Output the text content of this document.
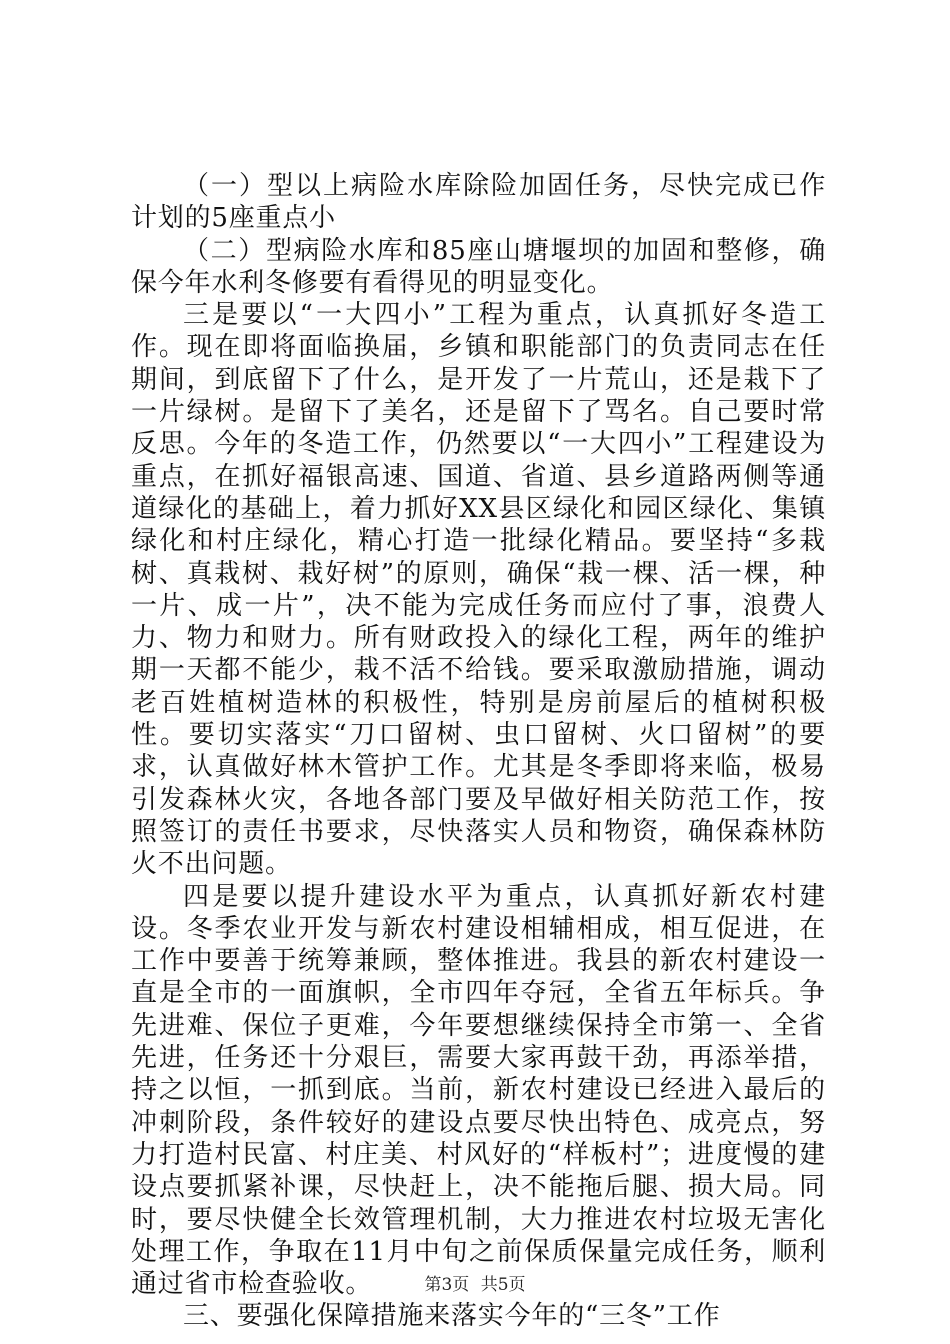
（一）型以上病险水库除险加固任务，尽快完成已作计划的5座重点小

（二）型病险水库和85座山塘堰坝的加固和整修，确保今年水利冬修要有看得见的明显变化。

三是要以“一大四小”工程为重点，认真抓好冬造工作。现在即将面临换届，乡镇和职能部门的负责同志在任期间，到底留下了什么，是开发了一片荒山，还是栽下了一片绿树。是留下了美名，还是留下了骂名。自己要时常反思。今年的冬造工作，仍然要以“一大四小”工程建设为重点，在抓好福银高速、国道、省道、县乡道路两侧等通道绿化的基础上，着力抓好XX县区绿化和园区绿化、集镇绿化和村庄绿化，精心打造一批绿化精品。要坚持“多栽树、真栽树、栽好树”的原则，确保“栽一棵、活一棵，种一片、成一片”，决不能为完成任务而应付了事，浪费人力、物力和财力。所有财政投入的绿化工程，两年的维护期一天都不能少，栽不活不给钱。要采取激励措施，调动老百姓植树造林的积极性，特别是房前屋后的植树积极性。要切实落实“刀口留树、虫口留树、火口留树”的要求，认真做好林木管护工作。尤其是冬季即将来临，极易引发森林火灾，各地各部门要及早做好相关防范工作，按照签订的责任书要求，尽快落实人员和物资，确保森林防火不出问题。

四是要以提升建设水平为重点，认真抓好新农村建设。冬季农业开发与新农村建设相辅相成，相互促进，在工作中要善于统筹兼顾，整体推进。我县的新农村建设一直是全市的一面旗帜，全市四年夺冠，全省五年标兵。争先进难、保位子更难，今年要想继续保持全市第一、全省先进，任务还十分艰巨，需要大家再鼓干劲，再添举措，持之以恒，一抓到底。当前，新农村建设已经进入最后的冲刺阶段，条件较好的建设点要尽快出特色、成亮点，努力打造村民富、村庄美、村风好的“样板村”；进度慢的建设点要抓紧补课，尽快赶上，决不能拖后腿、损大局。同时，要尽快健全长效管理机制，大力推进农村垃圾无害化处理工作，争取在11月中旬之前保质保量完成任务，顺利通过省市检查验收。

三、要强化保障措施来落实今年的“三冬”工作

第3页 共5页
